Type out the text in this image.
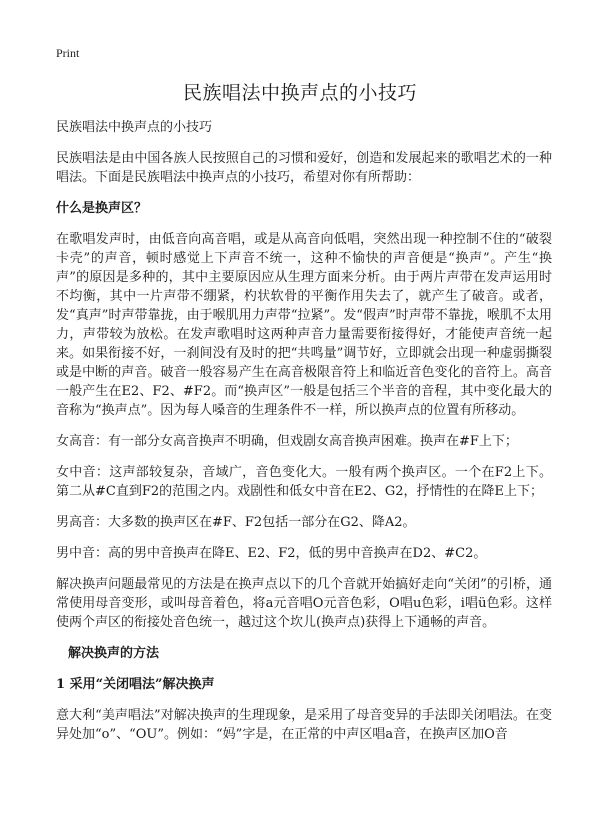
Print
民族唱法中换声点的小技巧

民族唱法中换声点的小技巧

民族唱法是由中国各族人民按照自己的习惯和爱好，创造和发展起来的歌唱艺术的一种唱法。下面是民族唱法中换声点的小技巧，希望对你有所帮助：

什么是换声区？

在歌唱发声时，由低音向高音唱，或是从高音向低唱，突然出现一种控制不住的“破裂卡壳”的声音，顿时感觉上下声音不统一，这种不愉快的声音便是“换声”。产生“换声”的原因是多种的，其中主要原因应从生理方面来分析。由于两片声带在发声运用时不均衡，其中一片声带不绷紧，杓状软骨的平衡作用失去了，就产生了破音。或者，发“真声”时声带靠拢，由于喉肌用力声带“拉紧”。发“假声”时声带不靠拢，喉肌不太用力，声带较为放松。在发声歌唱时这两种声音力量需要衔接得好，才能使声音统一起来。如果衔接不好，一刹间没有及时的把“共鸣量”调节好，立即就会出现一种虚弱撕裂或是中断的声音。破音一般容易产生在高音极限音符上和临近音色变化的音符上。高音一般产生在E2、F2、#F2。而“换声区”一般是包括三个半音的音程，其中变化最大的音称为“换声点”。因为每人嗓音的生理条件不一样，所以换声点的位置有所移动。

女高音：有一部分女高音换声不明确，但戏剧女高音换声困难。换声在#F上下；

女中音：这声部较复杂，音域广，音色变化大。一般有两个换声区。一个在F2上下。第二从#C直到F2的范围之内。戏剧性和低女中音在E2、G2，抒情性的在降E上下；

男高音：大多数的换声区在#F、F2包括一部分在G2、降A2。

男中音：高的男中音换声在降E、E2、F2，低的男中音换声在D2、#C2。

解决换声问题最常见的方法是在换声点以下的几个音就开始搞好走向“关闭”的引桥，通常使用母音变形，或叫母音着色，将a元音唱O元音色彩，O唱u色彩，i唱ü色彩。这样使两个声区的衔接处音色统一，越过这个坎儿(换声点)获得上下通畅的声音。

解决换声的方法
1 采用“关闭唱法”解决换声

意大利“美声唱法”对解决换声的生理现象，是采用了母音变异的手法即关闭唱法。在变异处加“o”、“OU”。例如：“妈”字是，在正常的中声区唱a音，在换声区加O音
